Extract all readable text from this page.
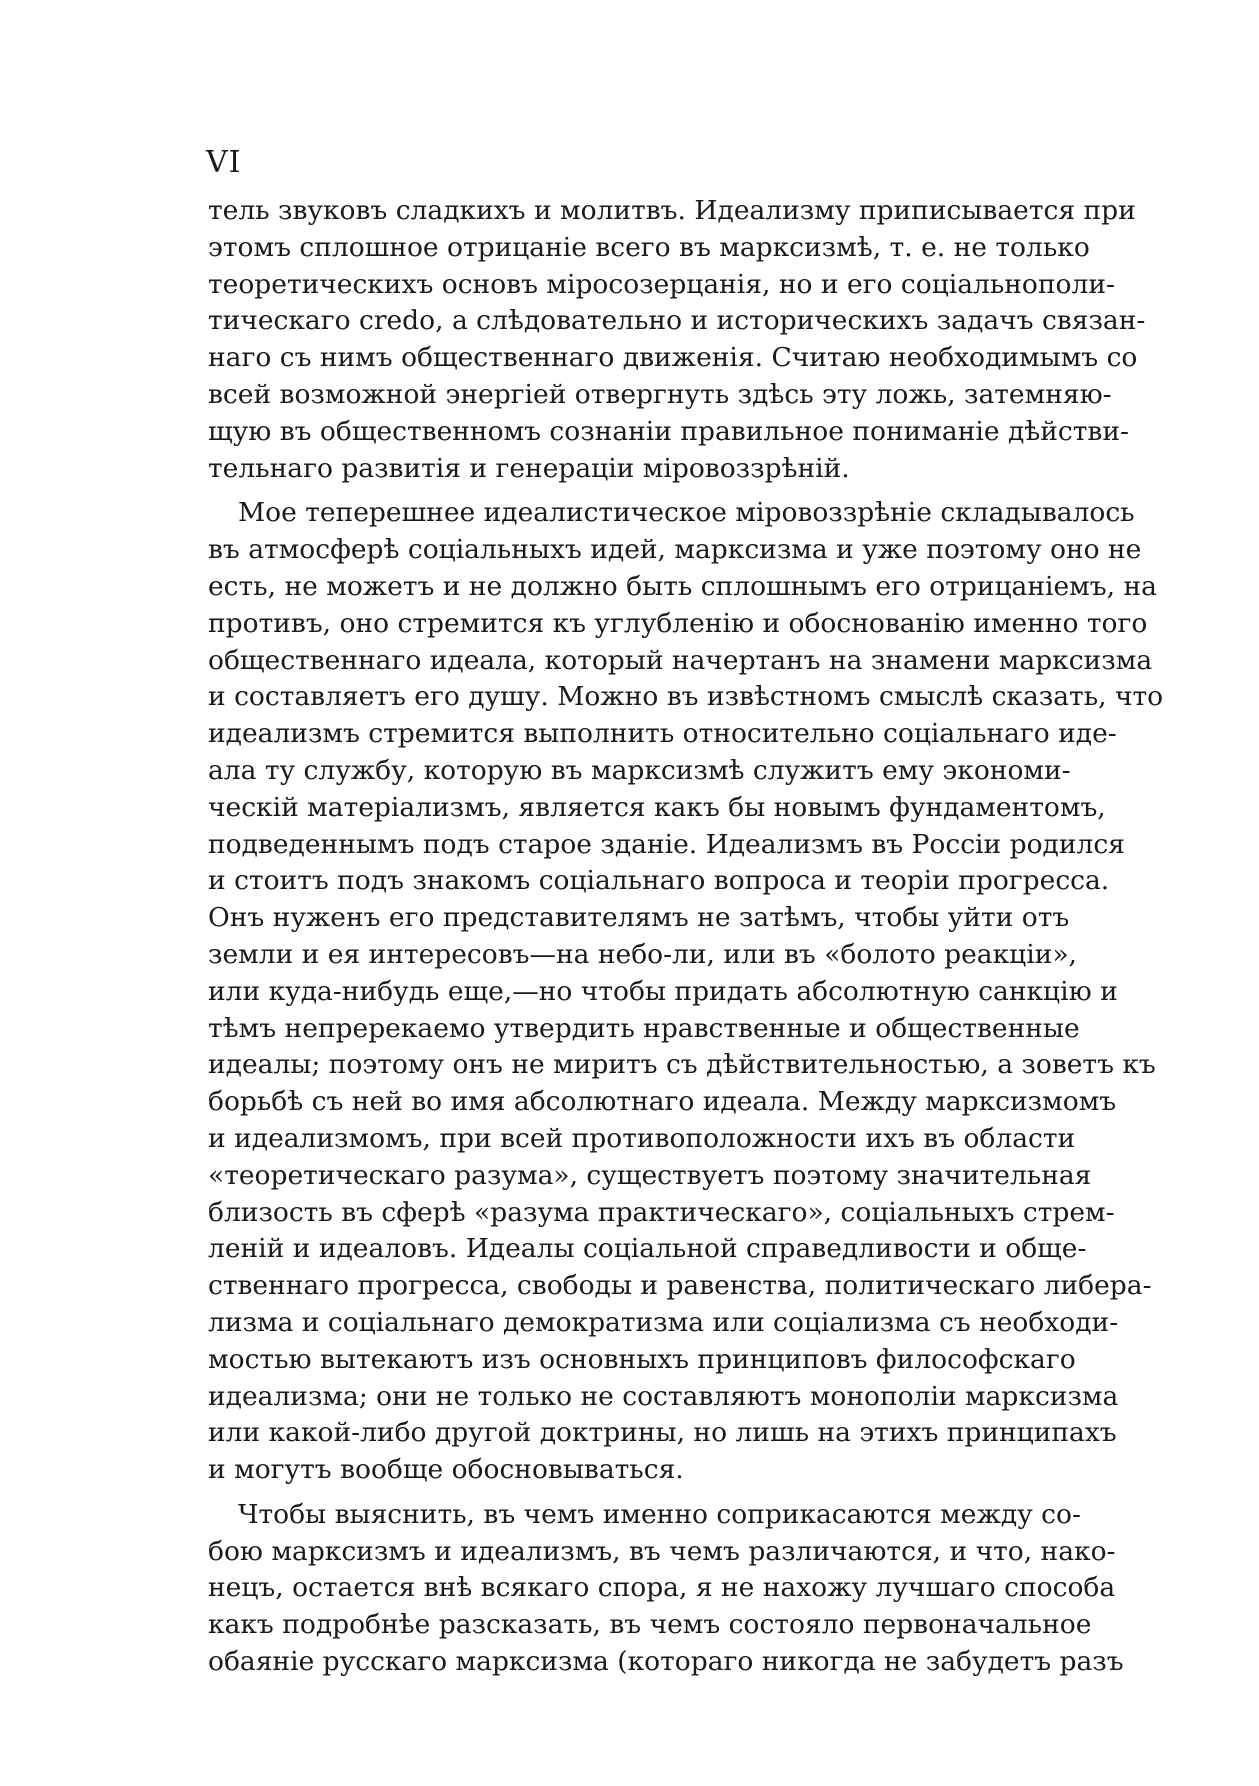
VI
тель звуковъ сладкихъ и молитвъ. Идеализму приписывается при
этомъ сплошное отрицаніе всего въ марксизмѣ, т. е. не только
теоретическихъ основъ міросозерцанія, но и его соціальнополи-
тическаго credo, а слѣдовательно и историческихъ задачъ связан-
наго съ нимъ общественнаго движенія. Считаю необходимымъ со
всей возможной энергіей отвергнуть здѣсь эту ложь, затемняю-
щую въ общественномъ сознаніи правильное пониманіе дѣйстви-
тельнаго развитія и генераціи міровоззрѣній.
Мое теперешнее идеалистическое міровоззрѣніе складывалось
въ атмосферѣ соціальныхъ идей, марксизма и уже поэтому оно не
есть, не можетъ и не должно быть сплошнымъ его отрицаніемъ, на
противъ, оно стремится къ углубленію и обоснованію именно того
общественнаго идеала, который начертанъ на знамени марксизма
и составляетъ его душу. Можно въ извѣстномъ смыслѣ сказать, что
идеализмъ стремится выполнить относительно соціальнаго иде-
ала ту службу, которую въ марксизмѣ служитъ ему экономи-
ческій матеріализмъ, является какъ бы новымъ фундаментомъ,
подведеннымъ подъ старое зданіе. Идеализмъ въ Россіи родился
и стоитъ подъ знакомъ соціальнаго вопроса и теоріи прогресса.
Онъ нуженъ его представителямъ не затѣмъ, чтобы уйти отъ
земли и ея интересовъ—на небо-ли, или въ «болото реакціи»,
или куда-нибудь еще,—но чтобы придать абсолютную санкцію и
тѣмъ непререкаемо утвердить нравственные и общественные
идеалы; поэтому онъ не миритъ съ дѣйствительностью, а зоветъ къ
борьбѣ съ ней во имя абсолютнаго идеала. Между марксизмомъ
и идеализмомъ, при всей противоположности ихъ въ области
«теоретическаго разума», существуетъ поэтому значительная
близость въ сферѣ «разума практическаго», соціальныхъ стрем-
леній и идеаловъ. Идеалы соціальной справедливости и обще-
ственнаго прогресса, свободы и равенства, политическаго либера-
лизма и соціальнаго демократизма или соціализма съ необходи-
мостью вытекаютъ изъ основныхъ принциповъ философскаго
идеализма; они не только не составляютъ монополіи марксизма
или какой-либо другой доктрины, но лишь на этихъ принципахъ
и могутъ вообще обосновываться.
Чтобы выяснить, въ чемъ именно соприкасаются между со-
бою марксизмъ и идеализмъ, въ чемъ различаются, и что, нако-
нецъ, остается внѣ всякаго спора, я не нахожу лучшаго способа
какъ подробнѣе разсказать, въ чемъ состояло первоначальное
обаяніе русскаго марксизма (котораго никогда не забудетъ разъ
